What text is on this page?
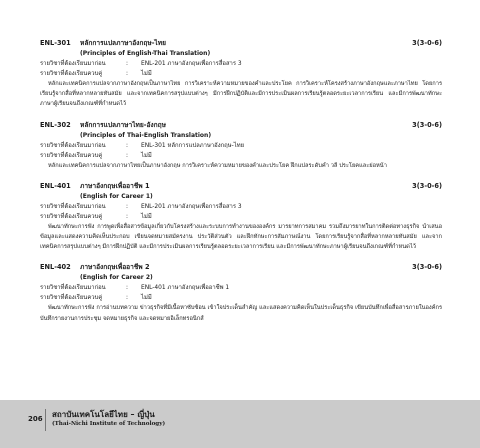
ENL-301 หลักการแปลภาษาอังกฤษ-ไทย	3(3-0-6)
(Principles of English-Thai Translation)
รายวิชาที่ต้องเรียนมาก่อน	: ENL-201 ภาษาอังกฤษเพื่อการสื่อสาร 3
รายวิชาที่ต้องเรียนควบคู่	: ไม่มี

หลักและเทคนิคการแปลจากภาษาอังกฤษเป็นภาษาไทย การวิเคราะห์ความหมายของคำและประโยค การวิเคราะห์โครงสร้างภาษาอังกฤษและภาษาไทย โดยการเรียนรู้จากสื่อที่หลากหลายทันสมัย และจากเทคนิคการสรุปแบบต่างๆ มีการฝึกปฏิบัติและมีการประเมินผลการเรียนรู้ตลอดระยะเวลาการเรียน และมีการพัฒนาทักษะภาษาผู้เรียนจนถึงเกณฑ์ที่กำหนดไว้

ENL-302 หลักการแปลภาษาไทย-อังกฤษ	3(3-0-6)
(Principles of Thai-English Translation)
รายวิชาที่ต้องเรียนมาก่อน	: ENL-301 หลักการแปลภาษาอังกฤษ-ไทย
รายวิชาที่ต้องเรียนควบคู่	: ไม่มี

หลักและเทคนิคการแปลจากภาษาไทยเป็นภาษาอังกฤษ การวิเคราะห์ความหมายของคำและประโยค ฝึกแปลระดับคำ วลี ประโยคและย่อหน้า

ENL-401 ภาษาอังกฤษเพื่ออาชีพ 1	3(3-0-6)
(English for Career 1)
รายวิชาที่ต้องเรียนมาก่อน	: ENL-201 ภาษาอังกฤษเพื่อการสื่อสาร 3
รายวิชาที่ต้องเรียนควบคู่	: ไม่มี

พัฒนาทักษะการฟัง การพูดเพื่อสื่อสารข้อมูลเกี่ยวกับโครงสร้างและระบบการทำงานขององค์กร มารยาทการสมาคม รวมถึงมารยาทในการติดต่อทางธุรกิจ นำเสนอข้อมูลและแสดงความคิดเห็นประกอบ เขียนจดหมายสมัครงาน ประวัติส่วนตัว และฝึกทักษะการสัมภาษณ์งาน โดยการเรียนรู้จากสื่อที่หลากหลายทันสมัย และจากเทคนิคการสรุปแบบต่างๆ มีการฝึกปฏิบัติ และมีการประเมินผลการเรียนรู้ตลอดระยะเวลาการเรียน และมีการพัฒนาทักษะภาษาผู้เรียนจนถึงเกณฑ์ที่กำหนดไว้

ENL-402 ภาษาอังกฤษเพื่ออาชีพ 2	3(3-0-6)
(English for Career 2)
รายวิชาที่ต้องเรียนมาก่อน	: ENL-401 ภาษาอังกฤษเพื่ออาชีพ 1
รายวิชาที่ต้องเรียนควบคู่	: ไม่มี

พัฒนาทักษะการฟัง การอ่านบทความ ข่าวธุรกิจที่มีเนื้อหาซับซ้อน เข้าใจประเด็นสำคัญ และแสดงความคิดเห็นในประเด็นธุรกิจ เขียนบันทึกเพื่อสื่อสารภายในองค์กร บันทึกรายงานการประชุม จดหมายธุรกิจ และจดหมายอิเล็กทรอนิกส์

206 สถาบันเทคโนโลยีไทย – ญี่ปุ่น
(Thai-Nichi Institute of Technology)
